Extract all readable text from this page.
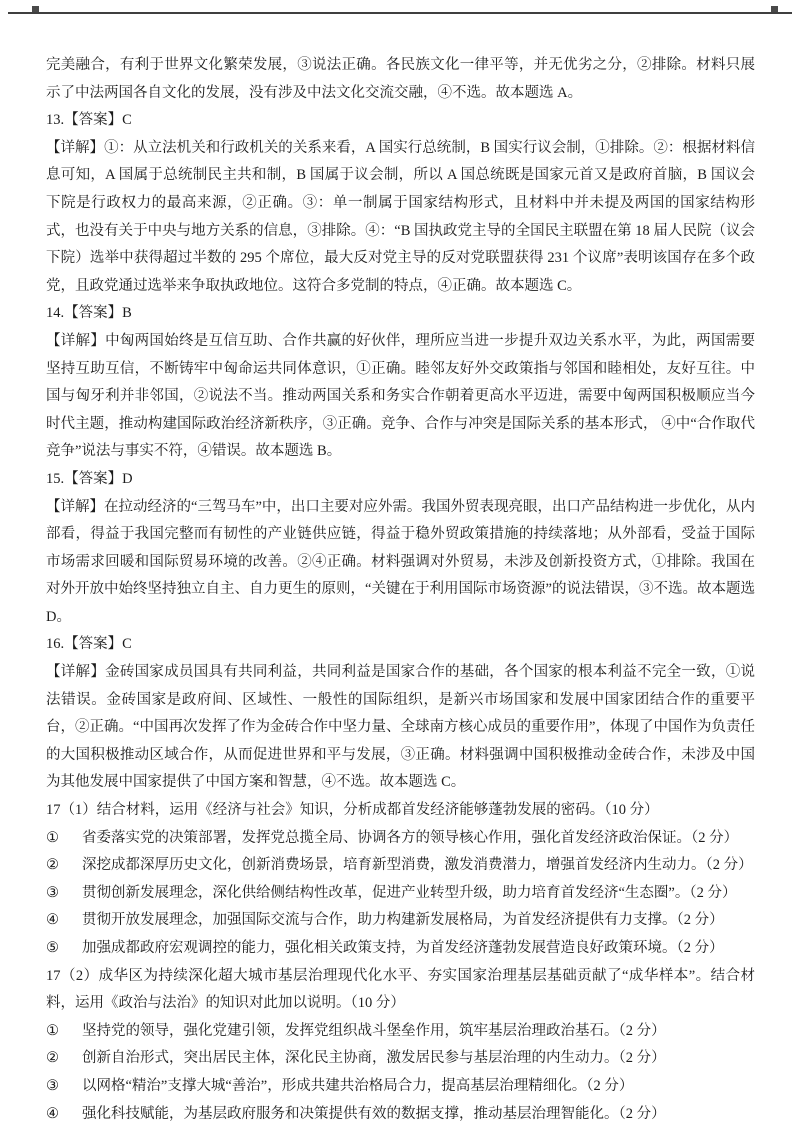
完美融合，有利于世界文化繁荣发展，③说法正确。各民族文化一律平等，并无优劣之分，②排除。材料只展示了中法两国各自文化的发展，没有涉及中法文化交流交融，④不选。故本题选 A。

13.【答案】C

【详解】①：从立法机关和行政机关的关系来看，A 国实行总统制，B 国实行议会制，①排除。②：根据材料信息可知，A 国属于总统制民主共和制，B 国属于议会制，所以 A 国总统既是国家元首又是政府首脑，B 国议会下院是行政权力的最高来源，②正确。③：单一制属于国家结构形式，且材料中并未提及两国的国家结构形式，也没有关于中央与地方关系的信息，③排除。④：“B 国执政党主导的全国民主联盟在第 18 届人民院（议会下院）选举中获得超过半数的 295 个席位，最大反对党主导的反对党联盟获得 231 个议席”表明该国存在多个政党，且政党通过选举来争取执政地位。这符合多党制的特点，④正确。故本题选 C。

14.【答案】B

【详解】中匈两国始终是互信互助、合作共赢的好伙伴，理所应当进一步提升双边关系水平，为此，两国需要坚持互助互信，不断铸牢中匈命运共同体意识，①正确。睦邻友好外交政策指与邻国和睦相处，友好互往。中国与匈牙利并非邻国，②说法不当。推动两国关系和务实合作朝着更高水平迈进，需要中匈两国积极顺应当今时代主题，推动构建国际政治经济新秩序，③正确。竞争、合作与冲突是国际关系的基本形式， ④中“合作取代竞争”说法与事实不符，④错误。故本题选 B。

15.【答案】D

【详解】在拉动经济的“三驾马车”中，出口主要对应外需。我国外贸表现亮眼，出口产品结构进一步优化，从内部看，得益于我国完整而有韧性的产业链供应链，得益于稳外贸政策措施的持续落地；从外部看，受益于国际市场需求回暖和国际贸易环境的改善。②④正确。材料强调对外贸易，未涉及创新投资方式，①排除。我国在对外开放中始终坚持独立自主、自力更生的原则，“关键在于利用国际市场资源”的说法错误，③不选。故本题选 D。

16.【答案】C

【详解】金砖国家成员国具有共同利益，共同利益是国家合作的基础，各个国家的根本利益不完全一致，①说法错误。金砖国家是政府间、区域性、一般性的国际组织，是新兴市场国家和发展中国家团结合作的重要平台，②正确。“中国再次发挥了作为金砖合作中坚力量、全球南方核心成员的重要作用”，体现了中国作为负责任的大国积极推动区域合作，从而促进世界和平与发展，③正确。材料强调中国积极推动金砖合作，未涉及中国为其他发展中国家提供了中国方案和智慧，④不选。故本题选 C。

17（1）结合材料，运用《经济与社会》知识，分析成都首发经济能够蓬勃发展的密码。（10 分）

①	省委落实党的决策部署，发挥党总揽全局、协调各方的领导核心作用，强化首发经济政治保证。（2 分）
②	深挖成都深厚历史文化，创新消费场景，培育新型消费，激发消费潜力，增强首发经济内生动力。（2 分）
③	贯彻创新发展理念，深化供给侧结构性改革，促进产业转型升级，助力培育首发经济“生态圈”。（2 分）
④	贯彻开放发展理念，加强国际交流与合作，助力构建新发展格局，为首发经济提供有力支撑。（2 分）
⑤	加强成都政府宏观调控的能力，强化相关政策支持，为首发经济蓬勃发展营造良好政策环境。（2 分）

17（2）成华区为持续深化超大城市基层治理现代化水平、夯实国家治理基层基础贡献了“成华样本”。结合材料，运用《政治与法治》的知识对此加以说明。（10 分）

①	坚持党的领导，强化党建引领，发挥党组织战斗堡垒作用，筑牢基层治理政治基石。（2 分）
②	创新自治形式，突出居民主体，深化民主协商，激发居民参与基层治理的内生动力。（2 分）
③	以网格“精治”支撑大城“善治”，形成共建共治格局合力，提高基层治理精细化。（2 分）
④	强化科技赋能，为基层政府服务和决策提供有效的数据支撑，推动基层治理智能化。（2 分）
